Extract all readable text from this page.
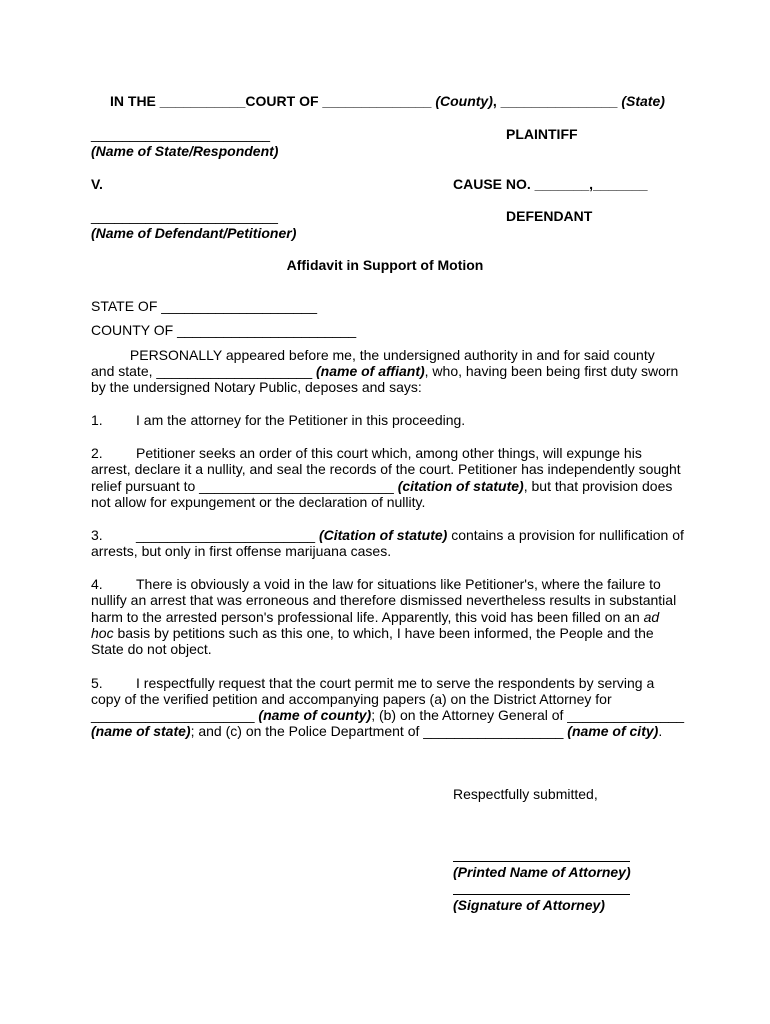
IN THE ___________COURT OF ______________ (County), _______________ (State)
_______________________	PLAINTIFF
(Name of State/Respondent)
V.	CAUSE NO. _______,_______
________________________	DEFENDANT
(Name of Defendant/Petitioner)
Affidavit in Support of Motion
STATE OF ____________________
COUNTY OF _______________________
PERSONALLY appeared before me, the undersigned authority in and for said county
and state, ____________________ (name of affiant), who, having been being first duty sworn
by the undersigned Notary Public, deposes and says:
1. I am the attorney for the Petitioner in this proceeding.
2. Petitioner seeks an order of this court which, among other things, will expunge his
arrest, declare it a nullity, and seal the records of the court. Petitioner has independently sought
relief pursuant to _________________________ (citation of statute), but that provision does
not allow for expungement or the declaration of nullity.
3. _______________________ (Citation of statute) contains a provision for nullification of
arrests, but only in first offense marijuana cases.
4. There is obviously a void in the law for situations like Petitioner's, where the failure to
nullify an arrest that was erroneous and therefore dismissed nevertheless results in substantial
harm to the arrested person's professional life. Apparently, this void has been filled on an ad
hoc basis by petitions such as this one, to which, I have been informed, the People and the
State do not object.
5. I respectfully request that the court permit me to serve the respondents by serving a
copy of the verified petition and accompanying papers (a) on the District Attorney for
_____________________ (name of county); (b) on the Attorney General of _______________
(name of state); and (c) on the Police Department of __________________ (name of city).
Respectfully submitted,
(Printed Name of Attorney)
(Signature of Attorney)
